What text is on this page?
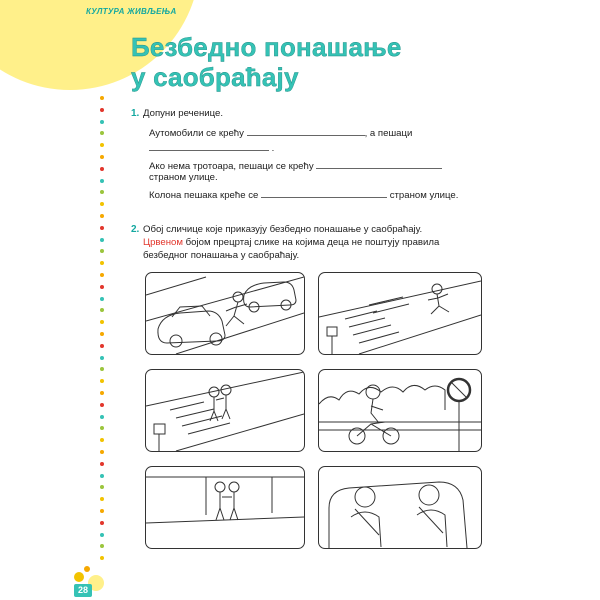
КУЛТУРА ЖИВЉЕЊА
Безбедно понашање
у саобраћају
1. Допуни реченице.
Аутомобили се крећу	, а пешаци
.
Ако нема тротоара, пешаци се крећу
страном улице.
Колона пешака креће се	страном улице.
2. Обој сличице које приказују безбедно понашање у саобраћају.
Црвеном бојом прецртај слике на којима деца не поштују правила
безбедног понашања у саобраћају.
28
